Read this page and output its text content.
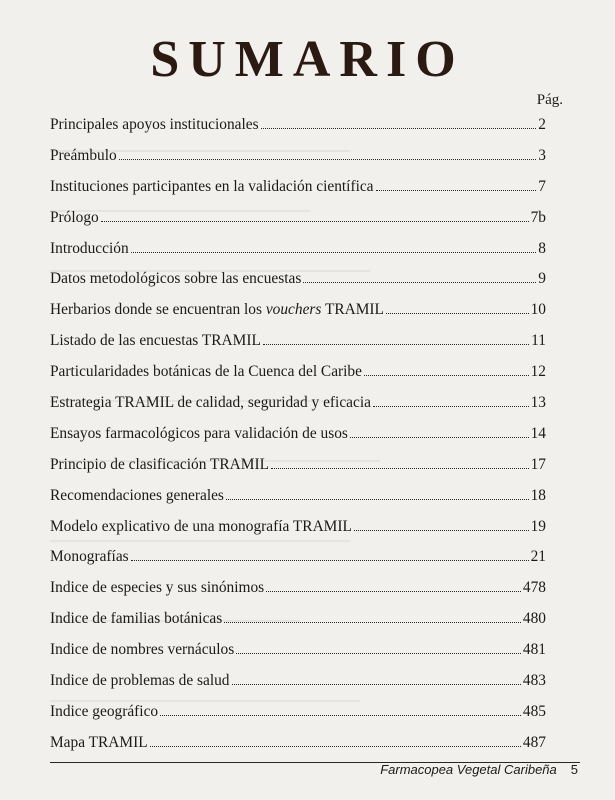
SUMARIO
Pág.
Principales apoyos institucionales	2
Preámbulo	3
Instituciones participantes en la validación científica	7
Prólogo	7b
Introducción	8
Datos metodológicos sobre las encuestas	9
Herbarios donde se encuentran los vouchers TRAMIL	10
Listado de las encuestas TRAMIL	11
Particularidades botánicas de la Cuenca del Caribe	12
Estrategia TRAMIL de calidad, seguridad y eficacia	13
Ensayos farmacológicos para validación de usos	14
Principio de clasificación TRAMIL	17
Recomendaciones generales	18
Modelo explicativo de una monografía TRAMIL	19
Monografías	21
Indice de especies y sus sinónimos	478
Indice de familias botánicas	480
Indice de nombres vernáculos	481
Indice de problemas de salud	483
Indice geográfico	485
Mapa TRAMIL	487
Farmacopea Vegetal Caribeña 5
